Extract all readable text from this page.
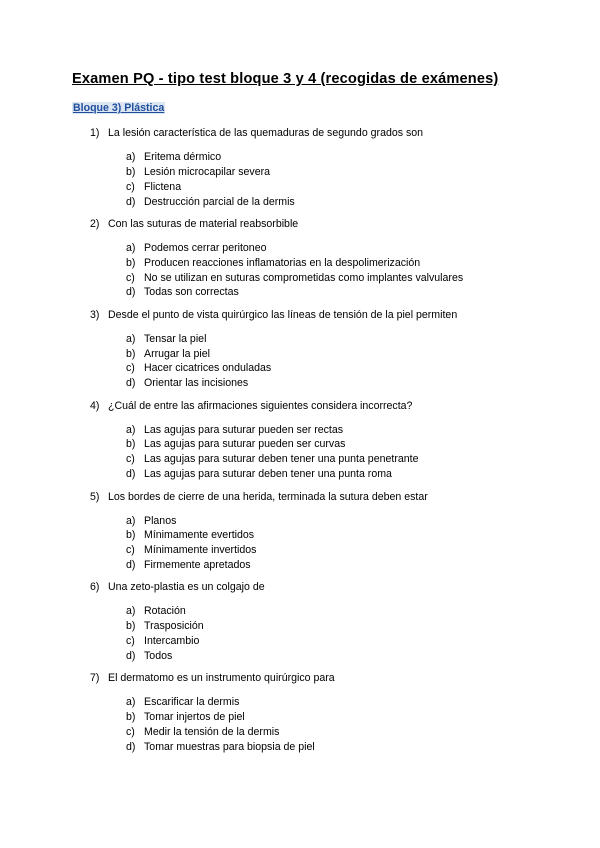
Examen PQ - tipo test bloque 3 y 4 (recogidas de exámenes)
Bloque 3) Plástica
1) La lesión característica de las quemaduras de segundo grados son
a) Eritema dérmico
b) Lesión microcapilar severa
c) Flictena
d) Destrucción parcial de la dermis
2) Con las suturas de material reabsorbible
a) Podemos cerrar peritoneo
b) Producen reacciones inflamatorias en la despolimerización
c) No se utilizan en suturas comprometidas como implantes valvulares
d) Todas son correctas
3) Desde el punto de vista quirúrgico las líneas de tensión de la piel permiten
a) Tensar la piel
b) Arrugar la piel
c) Hacer cicatrices onduladas
d) Orientar las incisiones
4) ¿Cuál de entre las afirmaciones siguientes considera incorrecta?
a) Las agujas para suturar pueden ser rectas
b) Las agujas para suturar pueden ser curvas
c) Las agujas para suturar deben tener una punta penetrante
d) Las agujas para suturar deben tener una punta roma
5) Los bordes de cierre de una herida, terminada la sutura deben estar
a) Planos
b) Mínimamente evertidos
c) Mínimamente invertidos
d) Firmemente apretados
6) Una zeto-plastia es un colgajo de
a) Rotación
b) Trasposición
c) Intercambio
d) Todos
7) El dermatomo es un instrumento quirúrgico para
a) Escarificar la dermis
b) Tomar injertos de piel
c) Medir la tensión de la dermis
d) Tomar muestras para biopsia de piel
